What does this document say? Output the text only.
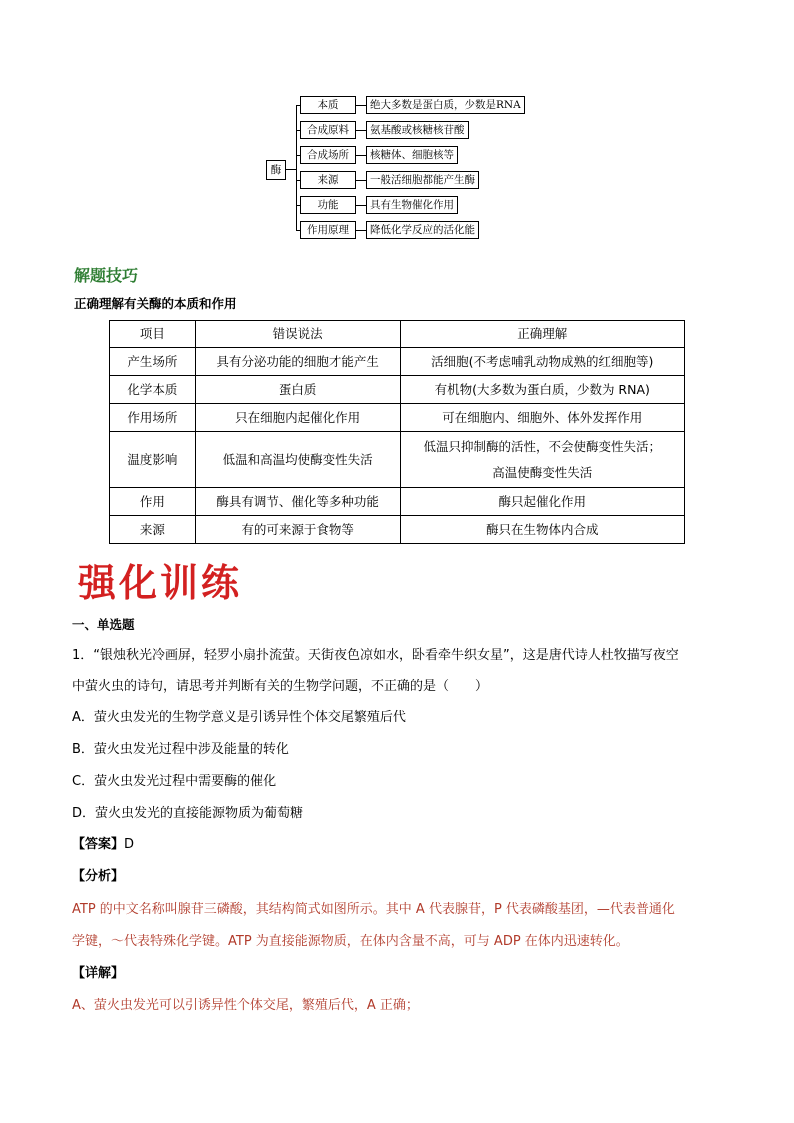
酶
本质	绝大多数是蛋白质，少数是RNA
合成原料	氨基酸或核糖核苷酸
合成场所	核糖体、细胞核等
来源	一般活细胞都能产生酶
功能	具有生物催化作用
作用原理	降低化学反应的活化能
解题技巧
正确理解有关酶的本质和作用
项目	错误说法	正确理解
产生场所	具有分泌功能的细胞才能产生	活细胞(不考虑哺乳动物成熟的红细胞等)
化学本质	蛋白质	有机物(大多数为蛋白质，少数为 RNA)
作用场所	只在细胞内起催化作用	可在细胞内、细胞外、体外发挥作用
温度影响	低温和高温均使酶变性失活	低温只抑制酶的活性，不会使酶变性失活；
高温使酶变性失活

作用	酶具有调节、催化等多种功能	酶只起催化作用
来源	有的可来源于食物等	酶只在生物体内合成
强化训练
一、单选题
1．“银烛秋光冷画屏，轻罗小扇扑流萤。天街夜色凉如水，卧看牵牛织女星”，这是唐代诗人杜牧描写夜空
中萤火虫的诗句，请思考并判断有关的生物学问题，不正确的是（　　）
A．萤火虫发光的生物学意义是引诱异性个体交尾繁殖后代
B．萤火虫发光过程中涉及能量的转化
C．萤火虫发光过程中需要酶的催化
D．萤火虫发光的直接能源物质为葡萄糖
【答案】D
【分析】
ATP 的中文名称叫腺苷三磷酸，其结构简式如图所示。其中 A 代表腺苷，P 代表磷酸基团，—代表普通化
学键，～代表特殊化学键。ATP 为直接能源物质，在体内含量不高，可与 ADP 在体内迅速转化。
【详解】
A、萤火虫发光可以引诱异性个体交尾，繁殖后代，A 正确；
